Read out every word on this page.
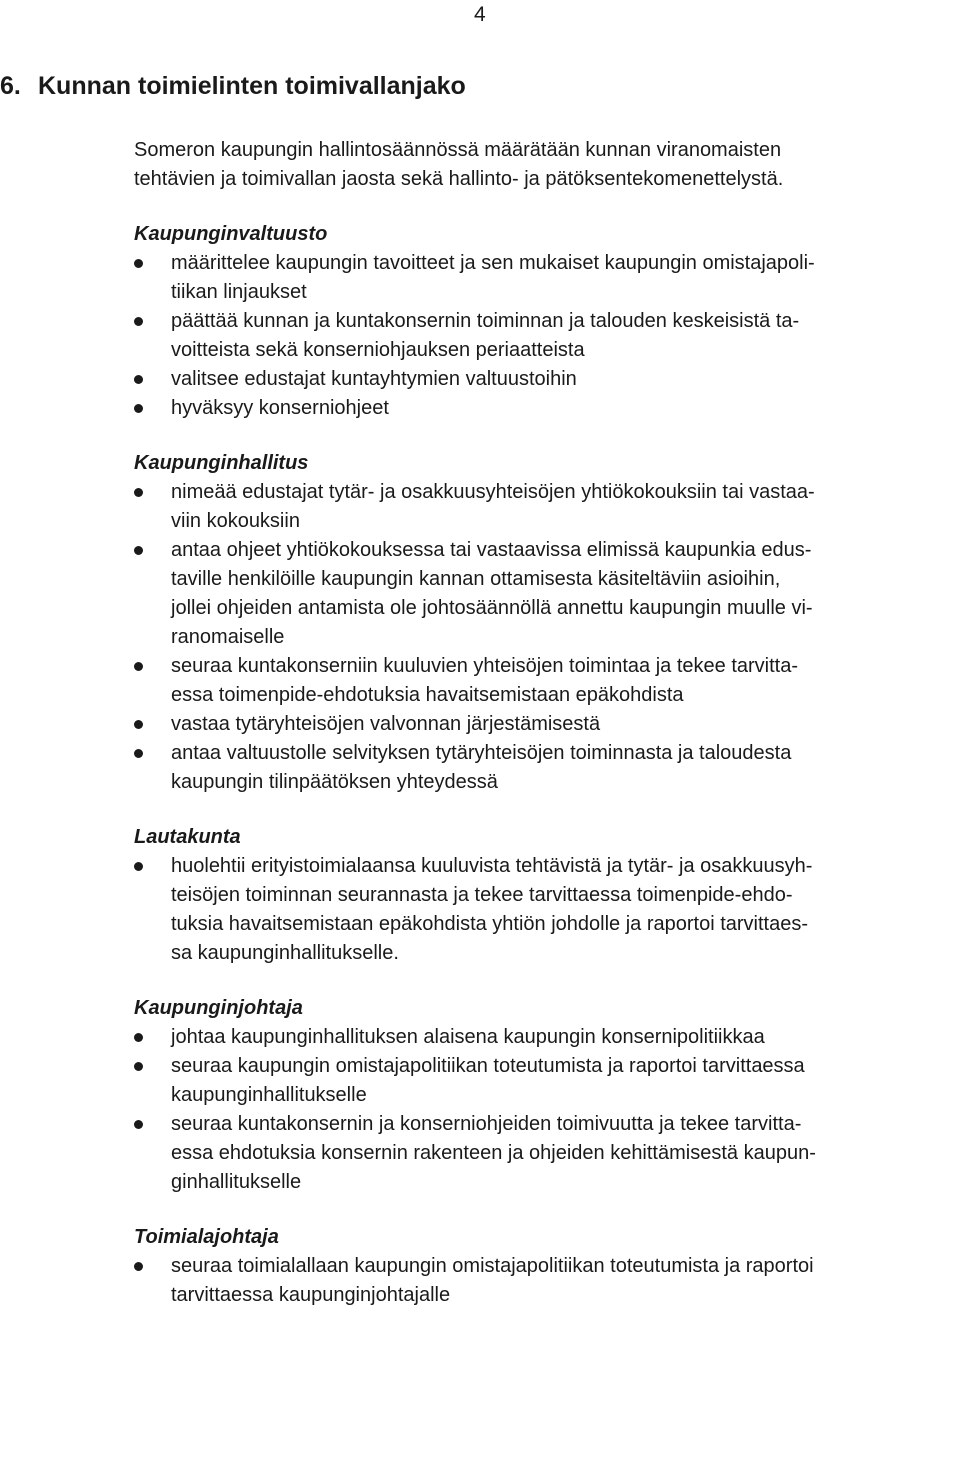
4
6. Kunnan toimielinten toimivallanjako

Someron kaupungin hallintosäännössä määrätään kunnan viranomaisten
tehtävien ja toimivallan jaosta sekä hallinto- ja pätöksentekomenettelystä.

Kaupunginvaltuusto
määrittelee kaupungin tavoitteet ja sen mukaiset kaupungin omistajapoli-
tiikan linjaukset
päättää kunnan ja kuntakonsernin toiminnan ja talouden keskeisistä ta-
voitteista sekä konserniohjauksen periaatteista
valitsee edustajat kuntayhtymien valtuustoihin
hyväksyy konserniohjeet
Kaupunginhallitus
nimeää edustajat tytär- ja osakkuusyhteisöjen yhtiökokouksiin tai vastaa-
viin kokouksiin
antaa ohjeet yhtiökokouksessa tai vastaavissa elimissä kaupunkia edus-
taville henkilöille kaupungin kannan ottamisesta käsiteltäviin asioihin,
jollei ohjeiden antamista ole johtosäännöllä annettu kaupungin muulle vi-
ranomaiselle
seuraa kuntakonserniin kuuluvien yhteisöjen toimintaa ja tekee tarvitta-
essa toimenpide-ehdotuksia havaitsemistaan epäkohdista
vastaa tytäryhteisöjen valvonnan järjestämisestä
antaa valtuustolle selvityksen tytäryhteisöjen toiminnasta ja taloudesta
kaupungin tilinpäätöksen yhteydessä
Lautakunta
huolehtii erityistoimialaansa kuuluvista tehtävistä ja tytär- ja osakkuusyh-
teisöjen toiminnan seurannasta ja tekee tarvittaessa toimenpide-ehdo-
tuksia havaitsemistaan epäkohdista yhtiön johdolle ja raportoi tarvittaes-
sa kaupunginhallitukselle.
Kaupunginjohtaja
johtaa kaupunginhallituksen alaisena kaupungin konsernipolitiikkaa
seuraa kaupungin omistajapolitiikan toteutumista ja raportoi tarvittaessa
kaupunginhallitukselle
seuraa kuntakonsernin ja konserniohjeiden toimivuutta ja tekee tarvitta-
essa ehdotuksia konsernin rakenteen ja ohjeiden kehittämisestä kaupun-
ginhallitukselle
Toimialajohtaja
seuraa toimialallaan kaupungin omistajapolitiikan toteutumista ja raportoi
tarvittaessa kaupunginjohtajalle
